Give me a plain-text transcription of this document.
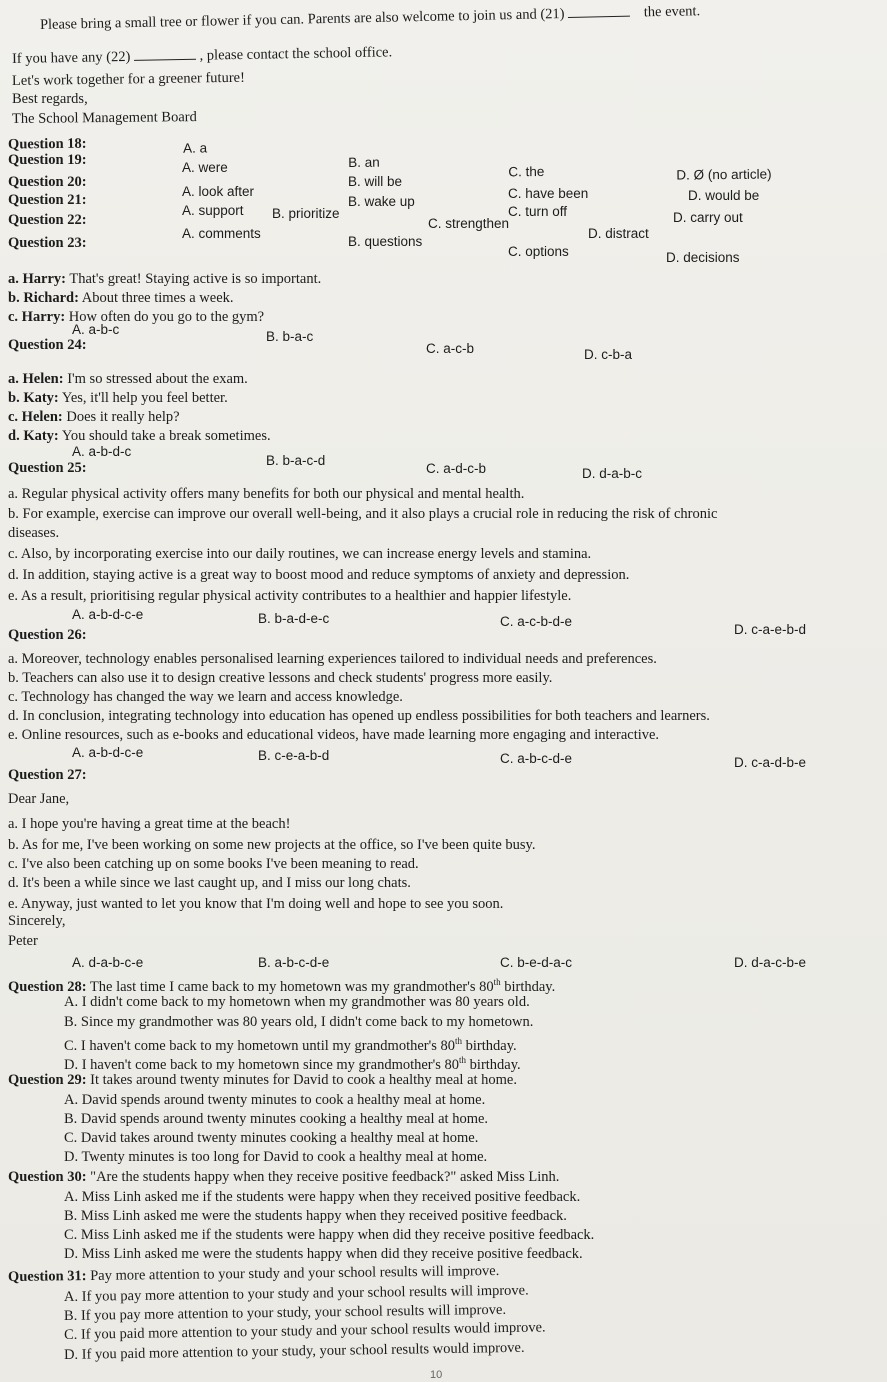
Please bring a small tree or flower if you can. Parents are also welcome to join us and (21)	the event.
If you have any (22)	, please contact the school office.
Let's work together for a greener future!
Best regards,
The School Management Board
Question 18:	A. a
B. an
C. the	D. Ø (no article)
Question 19:	A. were
B. will be
C. have been	D. would be
Question 20:
A. look after
B. wake up
C. turn off	D. carry out
Question 21:
A. support B. prioritize
C. strengthen
D. distract
Question 22:
A. comments
B. questions
C. options	D. decisions
Question 23:
a. Harry: That's great! Staying active is so important.
b. Richard: About three times a week.
c. Harry: How often do you go to the gym?
A. a-b-c	B. b-a-c
C. a-c-b	D. c-b-a
Question 24:
a. Helen: I'm so stressed about the exam.
b. Katy: Yes, it'll help you feel better.
c. Helen: Does it really help?
d. Katy: You should take a break sometimes.
A. a-b-d-c
B. b-a-c-d
C. a-d-c-b	D. d-a-b-c
Question 25:
a. Regular physical activity offers many benefits for both our physical and mental health.
b. For example, exercise can improve our overall well-being, and it also plays a crucial role in reducing the risk of chronic
diseases.
c. Also, by incorporating exercise into our daily routines, we can increase energy levels and stamina.
d. In addition, staying active is a great way to boost mood and reduce symptoms of anxiety and depression.
e. As a result, prioritising regular physical activity contributes to a healthier and happier lifestyle.
A. a-b-d-c-e	B. b-a-d-e-c	C. a-c-b-d-e
D. c-a-e-b-d
Question 26:
a. Moreover, technology enables personalised learning experiences tailored to individual needs and preferences.
b. Teachers can also use it to design creative lessons and check students' progress more easily.
c. Technology has changed the way we learn and access knowledge.
d. In conclusion, integrating technology into education has opened up endless possibilities for both teachers and learners.
e. Online resources, such as e-books and educational videos, have made learning more engaging and interactive.
A. a-b-d-c-e	B. c-e-a-b-d	C. a-b-c-d-e	D. c-a-d-b-e
Question 27:
Dear Jane,
a. I hope you're having a great time at the beach!
b. As for me, I've been working on some new projects at the office, so I've been quite busy.
c. I've also been catching up on some books I've been meaning to read.
d. It's been a while since we last caught up, and I miss our long chats.
e. Anyway, just wanted to let you know that I'm doing well and hope to see you soon.
Sincerely,
Peter
A. d-a-b-c-e	B. a-b-c-d-e	C. b-e-d-a-c	D. d-a-c-b-e
Question 28: The last time I came back to my hometown was my grandmother's 80th birthday.
A. I didn't come back to my hometown when my grandmother was 80 years old.
B. Since my grandmother was 80 years old, I didn't come back to my hometown.
C. I haven't come back to my hometown until my grandmother's 80th birthday.
D. I haven't come back to my hometown since my grandmother's 80th birthday.
Question 29: It takes around twenty minutes for David to cook a healthy meal at home.
A. David spends around twenty minutes to cook a healthy meal at home.
B. David spends around twenty minutes cooking a healthy meal at home.
C. David takes around twenty minutes cooking a healthy meal at home.
D. Twenty minutes is too long for David to cook a healthy meal at home.
Question 30: "Are the students happy when they receive positive feedback?" asked Miss Linh.
A. Miss Linh asked me if the students were happy when they received positive feedback.
B. Miss Linh asked me were the students happy when they received positive feedback.
C. Miss Linh asked me if the students were happy when did they receive positive feedback.
D. Miss Linh asked me were the students happy when did they receive positive feedback.
Question 31: Pay more attention to your study and your school results will improve.
A. If you pay more attention to your study and your school results will improve.
B. If you pay more attention to your study, your school results will improve.
C. If you paid more attention to your study and your school results would improve.
D. If you paid more attention to your study, your school results would improve.
10
